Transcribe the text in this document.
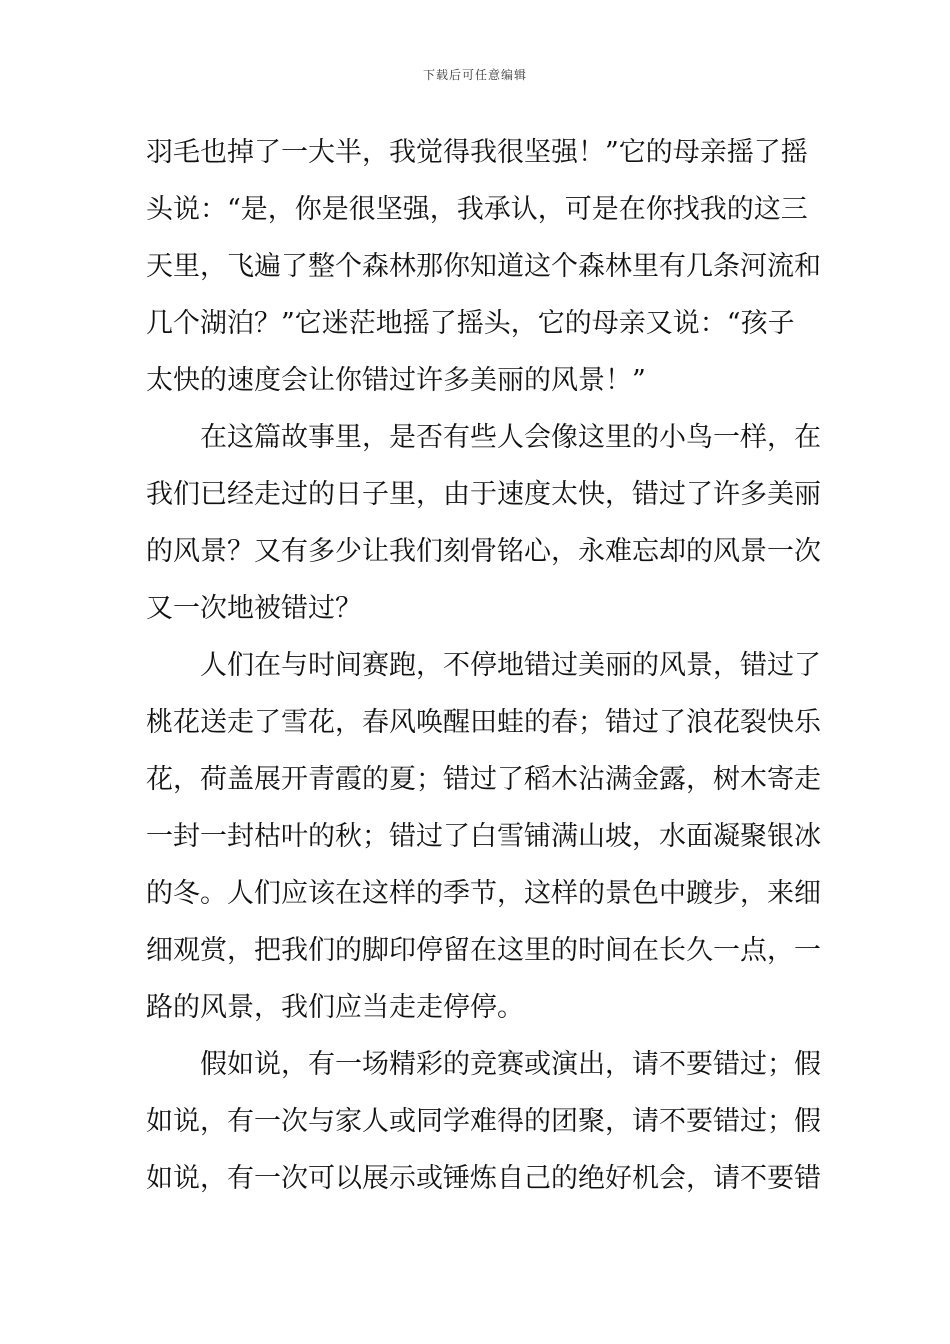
下载后可任意编辑

羽毛也掉了一大半，我觉得我很坚强！”它的母亲摇了摇
头说：“是，你是很坚强，我承认，可是在你找我的这三
天里，飞遍了整个森林那你知道这个森林里有几条河流和
几个湖泊？”它迷茫地摇了摇头，它的母亲又说：“孩子
太快的速度会让你错过许多美丽的风景！”

在这篇故事里，是否有些人会像这里的小鸟一样，在
我们已经走过的日子里，由于速度太快，错过了许多美丽
的风景？又有多少让我们刻骨铭心，永难忘却的风景一次
又一次地被错过？

人们在与时间赛跑，不停地错过美丽的风景，错过了
桃花送走了雪花，春风唤醒田蛙的春；错过了浪花裂快乐
花，荷盖展开青霞的夏；错过了稻木沾满金露，树木寄走
一封一封枯叶的秋；错过了白雪铺满山坡，水面凝聚银冰
的冬。人们应该在这样的季节，这样的景色中踱步，来细
细观赏，把我们的脚印停留在这里的时间在长久一点，一
路的风景，我们应当走走停停。

假如说，有一场精彩的竞赛或演出，请不要错过；假
如说，有一次与家人或同学难得的团聚，请不要错过；假
如说，有一次可以展示或锤炼自己的绝好机会，请不要错
